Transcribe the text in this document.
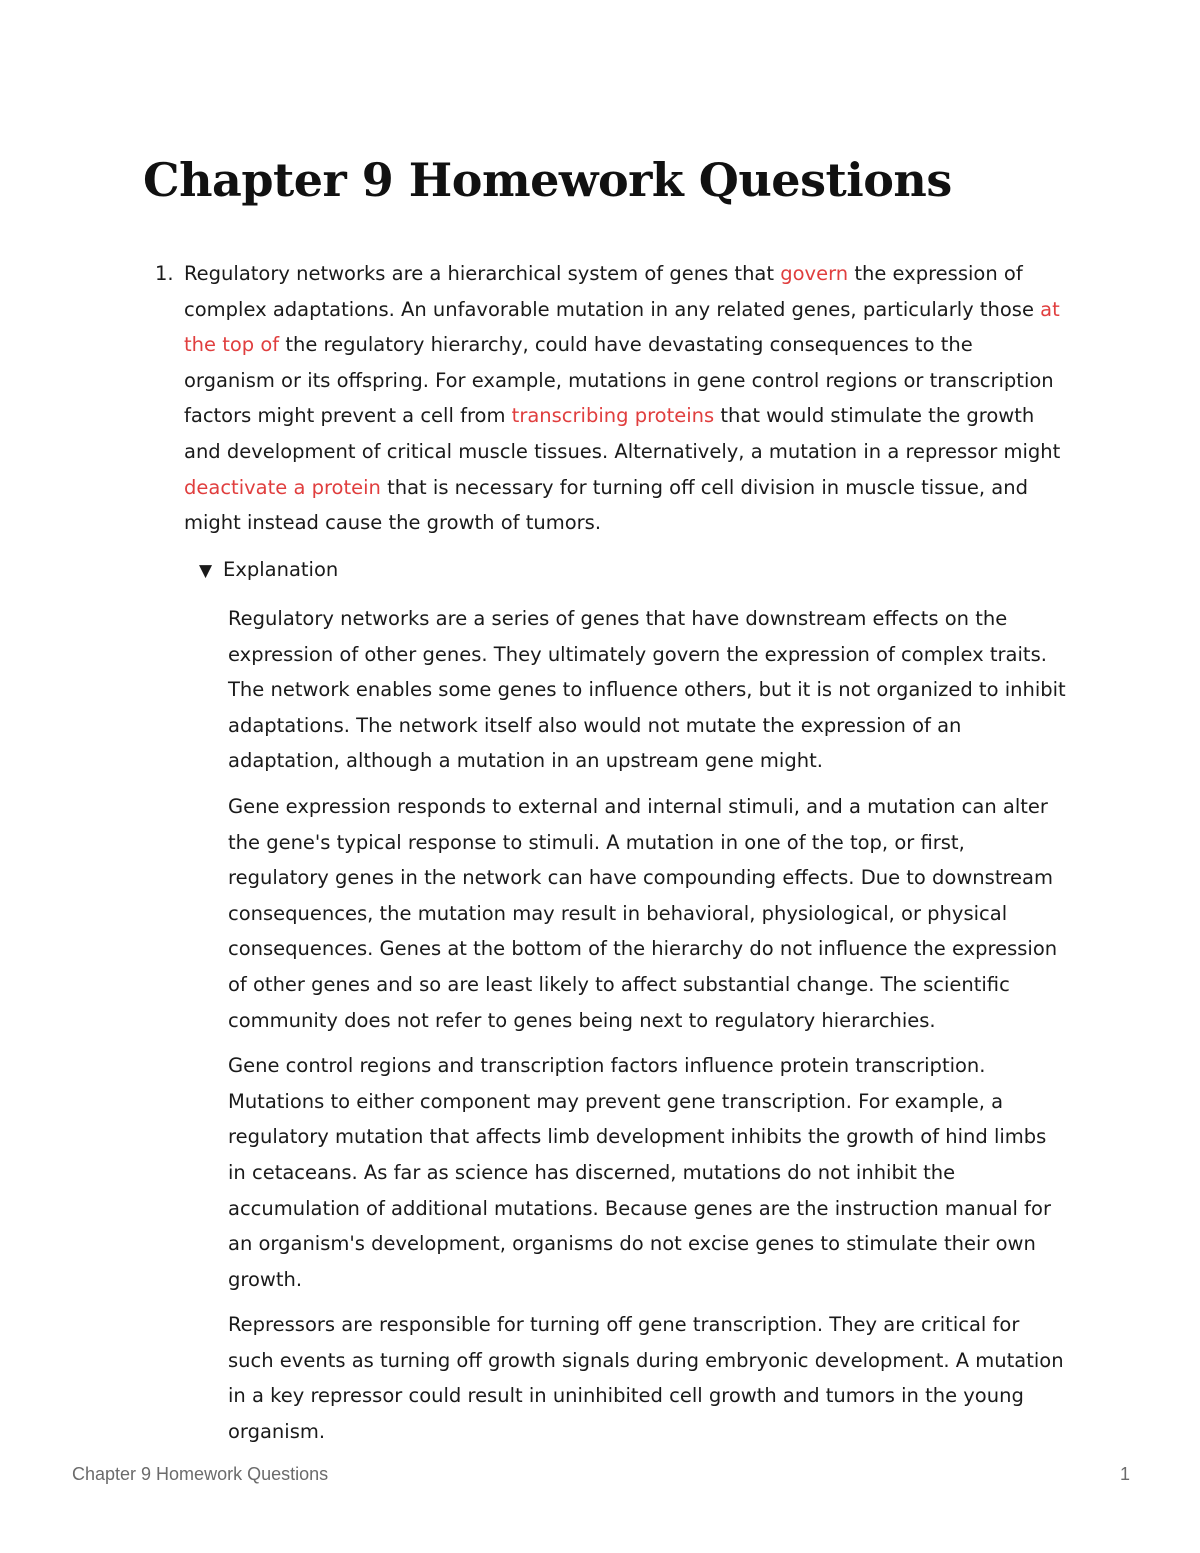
Chapter 9 Homework Questions
1. Regulatory networks are a hierarchical system of genes that govern the expression of complex adaptations. An unfavorable mutation in any related genes, particularly those at the top of the regulatory hierarchy, could have devastating consequences to the organism or its offspring. For example, mutations in gene control regions or transcription factors might prevent a cell from transcribing proteins that would stimulate the growth and development of critical muscle tissues. Alternatively, a mutation in a repressor might deactivate a protein that is necessary for turning off cell division in muscle tissue, and might instead cause the growth of tumors.
▼ Explanation

Regulatory networks are a series of genes that have downstream effects on the expression of other genes. They ultimately govern the expression of complex traits. The network enables some genes to influence others, but it is not organized to inhibit adaptations. The network itself also would not mutate the expression of an adaptation, although a mutation in an upstream gene might.

Gene expression responds to external and internal stimuli, and a mutation can alter the gene's typical response to stimuli. A mutation in one of the top, or first, regulatory genes in the network can have compounding effects. Due to downstream consequences, the mutation may result in behavioral, physiological, or physical consequences. Genes at the bottom of the hierarchy do not influence the expression of other genes and so are least likely to affect substantial change. The scientific community does not refer to genes being next to regulatory hierarchies.

Gene control regions and transcription factors influence protein transcription. Mutations to either component may prevent gene transcription. For example, a regulatory mutation that affects limb development inhibits the growth of hind limbs in cetaceans. As far as science has discerned, mutations do not inhibit the accumulation of additional mutations. Because genes are the instruction manual for an organism's development, organisms do not excise genes to stimulate their own growth.

Repressors are responsible for turning off gene transcription. They are critical for such events as turning off growth signals during embryonic development. A mutation in a key repressor could result in uninhibited cell growth and tumors in the young organism.

Chapter 9 Homework Questions	1
